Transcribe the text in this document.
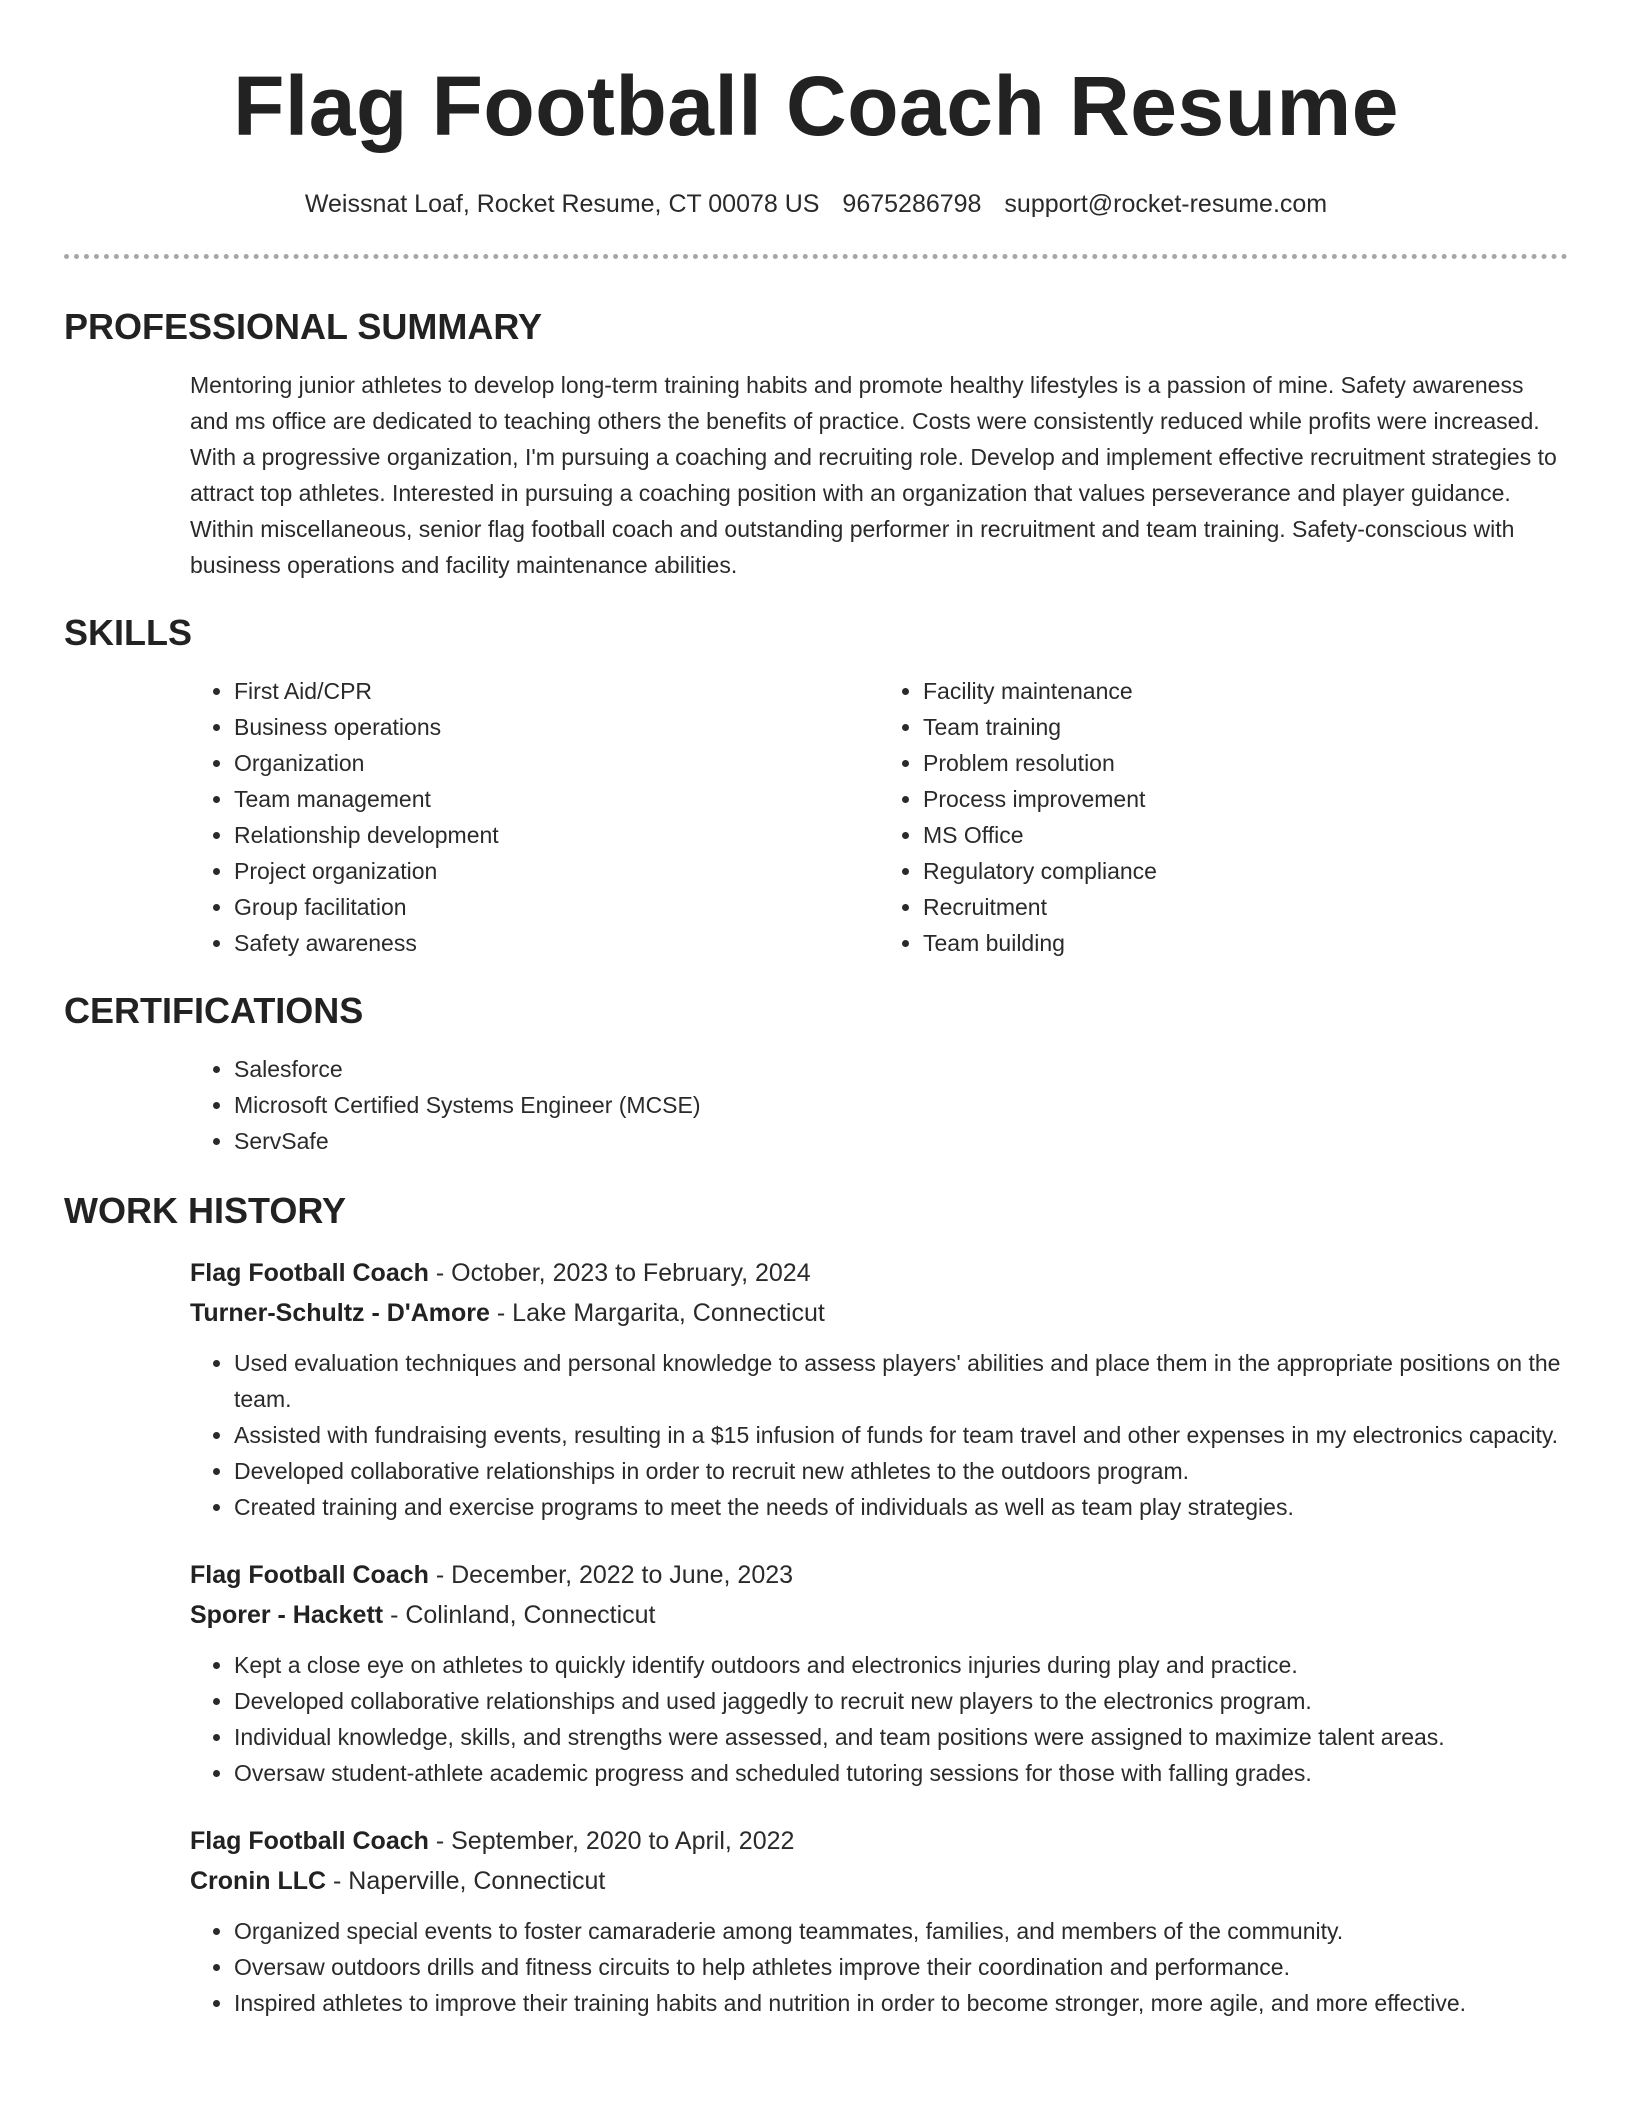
Flag Football Coach Resume
Weissnat Loaf, Rocket Resume, CT 00078 US 9675286798 support@rocket-resume.com
PROFESSIONAL SUMMARY

Mentoring junior athletes to develop long-term training habits and promote healthy lifestyles is a passion of mine. Safety awareness and ms office are dedicated to teaching others the benefits of practice. Costs were consistently reduced while profits were increased. With a progressive organization, I'm pursuing a coaching and recruiting role. Develop and implement effective recruitment strategies to attract top athletes. Interested in pursuing a coaching position with an organization that values perseverance and player guidance. Within miscellaneous, senior flag football coach and outstanding performer in recruitment and team training. Safety-conscious with business operations and facility maintenance abilities.

SKILLS
• First Aid/CPR
• Business operations
• Organization
• Team management
• Relationship development
• Project organization
• Group facilitation
• Safety awareness
• Facility maintenance
• Team training
• Problem resolution
• Process improvement
• MS Office
• Regulatory compliance
• Recruitment
• Team building
CERTIFICATIONS
• Salesforce
• Microsoft Certified Systems Engineer (MCSE)
• ServSafe
WORK HISTORY
Flag Football Coach - October, 2023 to February, 2024
Turner-Schultz - D'Amore - Lake Margarita, Connecticut
• Used evaluation techniques and personal knowledge to assess players' abilities and place them in the appropriate positions on the team.
• Assisted with fundraising events, resulting in a $15 infusion of funds for team travel and other expenses in my electronics capacity.
• Developed collaborative relationships in order to recruit new athletes to the outdoors program.
• Created training and exercise programs to meet the needs of individuals as well as team play strategies.
Flag Football Coach - December, 2022 to June, 2023
Sporer - Hackett - Colinland, Connecticut
• Kept a close eye on athletes to quickly identify outdoors and electronics injuries during play and practice.
• Developed collaborative relationships and used jaggedly to recruit new players to the electronics program.
• Individual knowledge, skills, and strengths were assessed, and team positions were assigned to maximize talent areas.
• Oversaw student-athlete academic progress and scheduled tutoring sessions for those with falling grades.
Flag Football Coach - September, 2020 to April, 2022
Cronin LLC - Naperville, Connecticut
• Organized special events to foster camaraderie among teammates, families, and members of the community.
• Oversaw outdoors drills and fitness circuits to help athletes improve their coordination and performance.
• Inspired athletes to improve their training habits and nutrition in order to become stronger, more agile, and more effective.
